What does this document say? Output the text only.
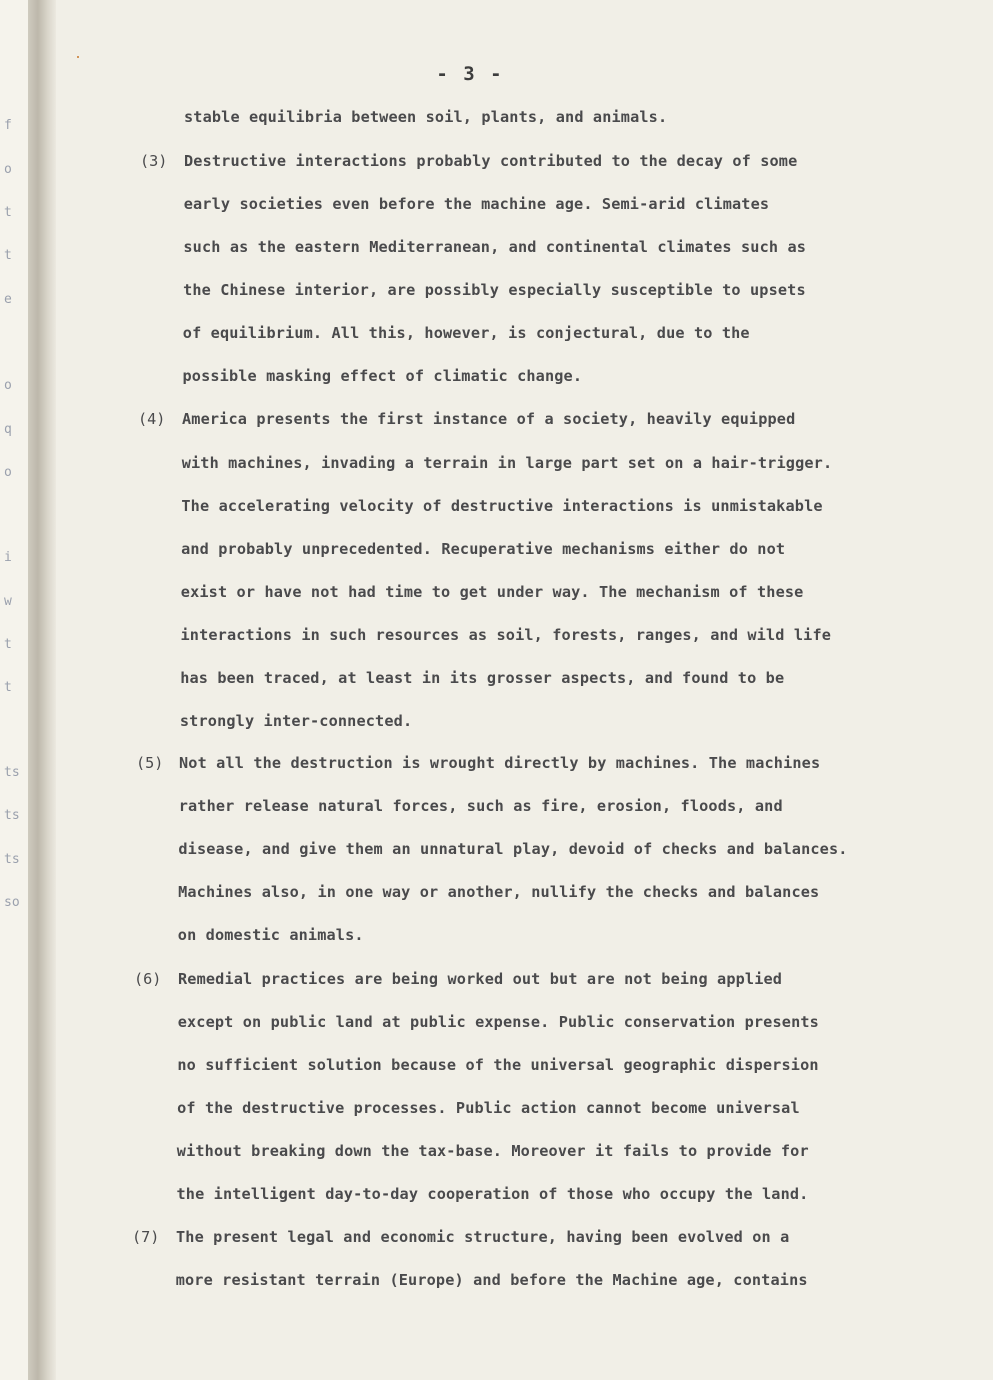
f
o
t
t
e
o
q
o
i
w
t
t
ts
ts
ts
so
- 3 -
stable equilibria between soil, plants, and animals.
(3) Destructive interactions probably contributed to the decay of some
early societies even before the machine age. Semi-arid climates
such as the eastern Mediterranean, and continental climates such as
the Chinese interior, are possibly especially susceptible to upsets
of equilibrium. All this, however, is conjectural, due to the
possible masking effect of climatic change.
(4) America presents the first instance of a society, heavily equipped
with machines, invading a terrain in large part set on a hair-trigger.
The accelerating velocity of destructive interactions is unmistakable
and probably unprecedented. Recuperative mechanisms either do not
exist or have not had time to get under way. The mechanism of these
interactions in such resources as soil, forests, ranges, and wild life
has been traced, at least in its grosser aspects, and found to be
strongly inter-connected.
(5) Not all the destruction is wrought directly by machines. The machines
rather release natural forces, such as fire, erosion, floods, and
disease, and give them an unnatural play, devoid of checks and balances.
Machines also, in one way or another, nullify the checks and balances
on domestic animals.
(6) Remedial practices are being worked out but are not being applied
except on public land at public expense. Public conservation presents
no sufficient solution because of the universal geographic dispersion
of the destructive processes. Public action cannot become universal
without breaking down the tax-base. Moreover it fails to provide for
the intelligent day-to-day cooperation of those who occupy the land.
(7) The present legal and economic structure, having been evolved on a
more resistant terrain (Europe) and before the Machine age, contains
